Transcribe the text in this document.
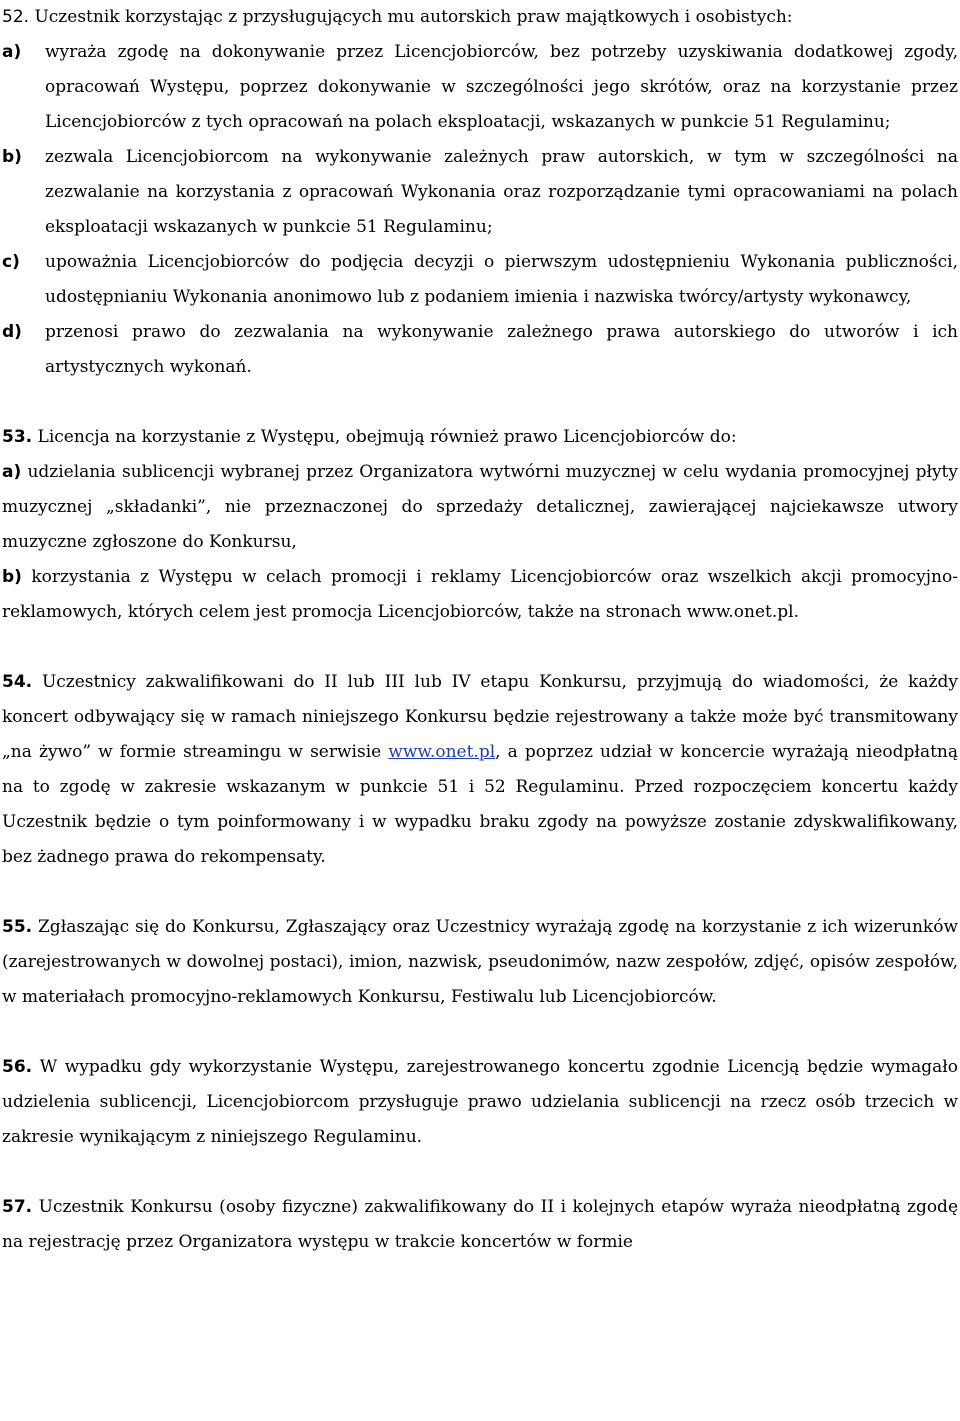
52. Uczestnik korzystając z przysługujących mu autorskich praw majątkowych i osobistych:

a)	wyraża zgodę na dokonywanie przez Licencjobiorców, bez potrzeby uzyskiwania dodatkowej zgody, opracowań Występu, poprzez dokonywanie w szczególności jego skrótów, oraz na korzystanie przez Licencjobiorców z tych opracowań na polach eksploatacji, wskazanych w punkcie 51 Regulaminu;
b)	zezwala Licencjobiorcom na wykonywanie zależnych praw autorskich, w tym w szczególności na zezwalanie na korzystania z opracowań Wykonania oraz rozporządzanie tymi opracowaniami na polach eksploatacji wskazanych w punkcie 51 Regulaminu;
c)	upoważnia Licencjobiorców do podjęcia decyzji o pierwszym udostępnieniu Wykonania publiczności, udostępnianiu Wykonania anonimowo lub z podaniem imienia i nazwiska twórcy/artysty wykonawcy,
d)	przenosi prawo do zezwalania na wykonywanie zależnego prawa autorskiego do utworów i ich artystycznych wykonań.

53. Licencja na korzystanie z Występu, obejmują również prawo Licencjobiorców do:

a) udzielania sublicencji wybranej przez Organizatora wytwórni muzycznej w celu wydania promocyjnej płyty muzycznej „składanki”, nie przeznaczonej do sprzedaży detalicznej, zawierającej najciekawsze utwory muzyczne zgłoszone do Konkursu,

b) korzystania z Występu w celach promocji i reklamy Licencjobiorców oraz wszelkich akcji promocyjno-reklamowych, których celem jest promocja Licencjobiorców, także na stronach www.onet.pl.

54. Uczestnicy zakwalifikowani do II lub III lub IV etapu Konkursu, przyjmują do wiadomości, że każdy koncert odbywający się w ramach niniejszego Konkursu będzie rejestrowany a także może być transmitowany „na żywo” w formie streamingu w serwisie www.onet.pl, a poprzez udział w koncercie wyrażają nieodpłatną na to zgodę w zakresie wskazanym w punkcie 51 i 52 Regulaminu. Przed rozpoczęciem koncertu każdy Uczestnik będzie o tym poinformowany i w wypadku braku zgody na powyższe zostanie zdyskwalifikowany, bez żadnego prawa do rekompensaty.

55. Zgłaszając się do Konkursu, Zgłaszający oraz Uczestnicy wyrażają zgodę na korzystanie z ich wizerunków (zarejestrowanych w dowolnej postaci), imion, nazwisk, pseudonimów, nazw zespołów, zdjęć, opisów zespołów, w materiałach promocyjno-reklamowych Konkursu, Festiwalu lub Licencjobiorców.

56. W wypadku gdy wykorzystanie Występu, zarejestrowanego koncertu zgodnie Licencją będzie wymagało udzielenia sublicencji, Licencjobiorcom przysługuje prawo udzielania sublicencji na rzecz osób trzecich w zakresie wynikającym z niniejszego Regulaminu.

57. Uczestnik Konkursu (osoby fizyczne) zakwalifikowany do II i kolejnych etapów wyraża nieodpłatną zgodę na rejestrację przez Organizatora występu w trakcie koncertów w formie
